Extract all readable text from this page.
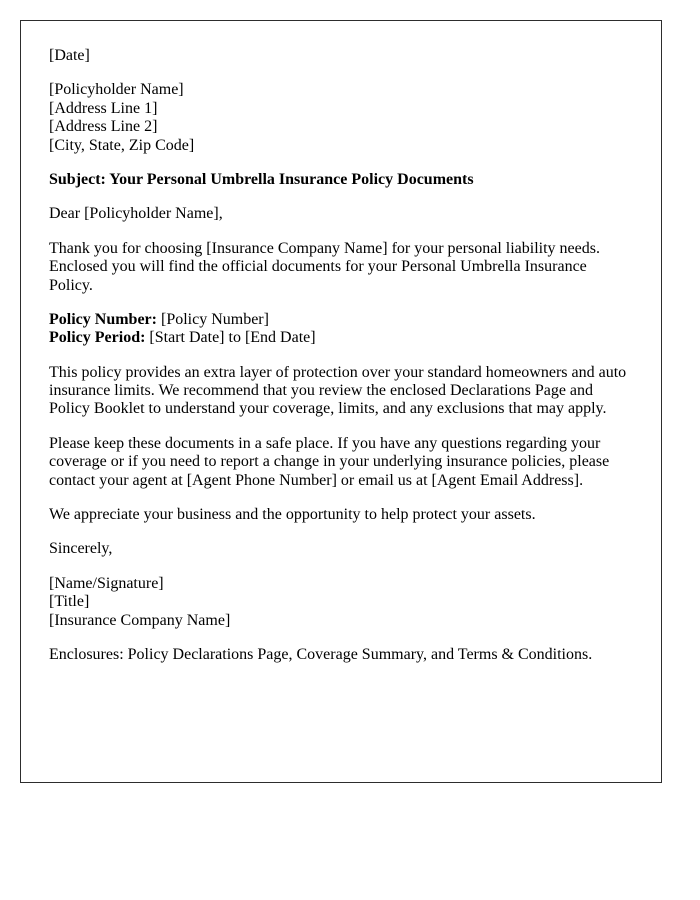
[Date]

[Policyholder Name]
[Address Line 1]
[Address Line 2]
[City, State, Zip Code]

Subject: Your Personal Umbrella Insurance Policy Documents

Dear [Policyholder Name],

Thank you for choosing [Insurance Company Name] for your personal liability needs. Enclosed you will find the official documents for your Personal Umbrella Insurance Policy.

Policy Number: [Policy Number]
Policy Period: [Start Date] to [End Date]

This policy provides an extra layer of protection over your standard homeowners and auto insurance limits. We recommend that you review the enclosed Declarations Page and Policy Booklet to understand your coverage, limits, and any exclusions that may apply.

Please keep these documents in a safe place. If you have any questions regarding your coverage or if you need to report a change in your underlying insurance policies, please contact your agent at [Agent Phone Number] or email us at [Agent Email Address].

We appreciate your business and the opportunity to help protect your assets.

Sincerely,

[Name/Signature]
[Title]
[Insurance Company Name]

Enclosures: Policy Declarations Page, Coverage Summary, and Terms & Conditions.
